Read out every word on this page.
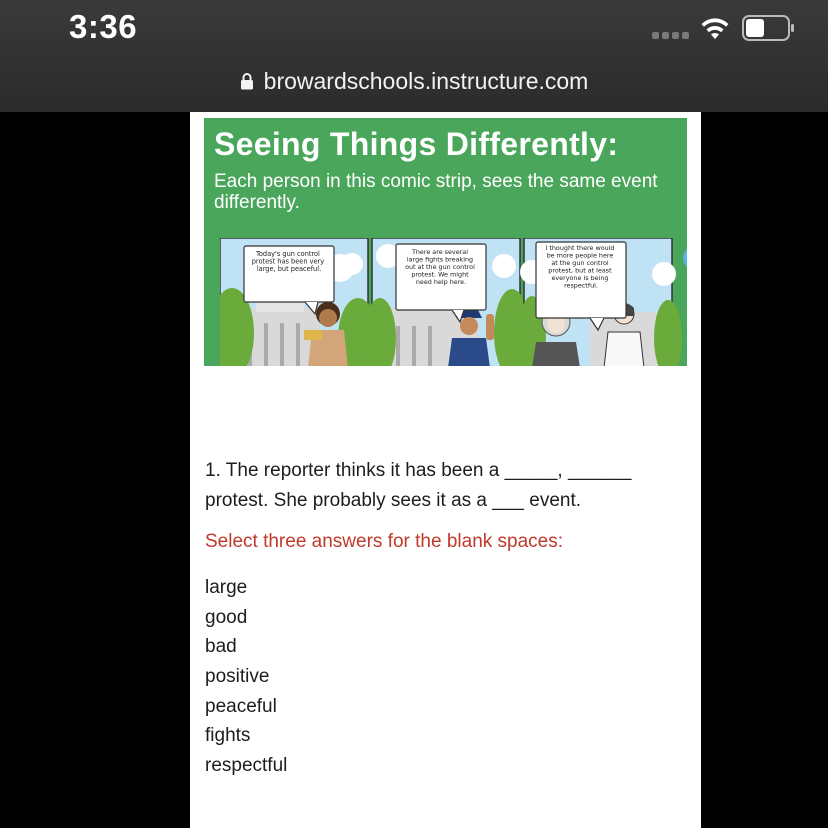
3:36
browardschools.instructure.com
Seeing Things Differently:
Each person in this comic strip, sees the same event differently.
Today's gun control protest has been very large, but peaceful.
There are several large fights breaking out at the gun control protest. We might need help here.
I thought there would be more people here at the gun control protest, but at least everyone is being respectful.
1. The reporter thinks it has been a _____, ______ protest. She probably sees it as a ___ event.
Select three answers for the blank spaces:
large
good
bad
positive
peaceful
fights
respectful
